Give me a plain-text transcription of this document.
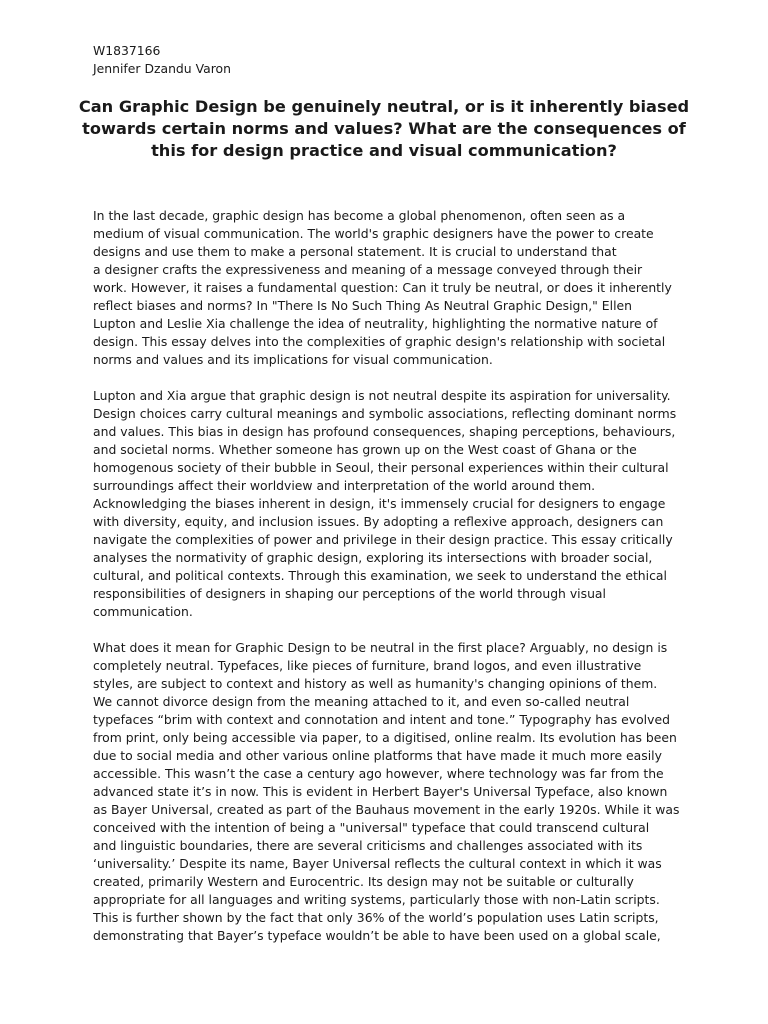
W1837166
Jennifer Dzandu Varon
Can Graphic Design be genuinely neutral, or is it inherently biased
towards certain norms and values? What are the consequences of
this for design practice and visual communication?
In the last decade, graphic design has become a global phenomenon, often seen as a
medium of visual communication. The world's graphic designers have the power to create
designs and use them to make a personal statement. It is crucial to understand that
a designer crafts the expressiveness and meaning of a message conveyed through their
work. However, it raises a fundamental question: Can it truly be neutral, or does it inherently
reflect biases and norms? In "There Is No Such Thing As Neutral Graphic Design," Ellen
Lupton and Leslie Xia challenge the idea of neutrality, highlighting the normative nature of
design. This essay delves into the complexities of graphic design's relationship with societal
norms and values and its implications for visual communication.
Lupton and Xia argue that graphic design is not neutral despite its aspiration for universality.
Design choices carry cultural meanings and symbolic associations, reflecting dominant norms
and values. This bias in design has profound consequences, shaping perceptions, behaviours,
and societal norms. Whether someone has grown up on the West coast of Ghana or the
homogenous society of their bubble in Seoul, their personal experiences within their cultural
surroundings affect their worldview and interpretation of the world around them.
Acknowledging the biases inherent in design, it's immensely crucial for designers to engage
with diversity, equity, and inclusion issues. By adopting a reflexive approach, designers can
navigate the complexities of power and privilege in their design practice. This essay critically
analyses the normativity of graphic design, exploring its intersections with broader social,
cultural, and political contexts. Through this examination, we seek to understand the ethical
responsibilities of designers in shaping our perceptions of the world through visual
communication.
What does it mean for Graphic Design to be neutral in the first place? Arguably, no design is
completely neutral. Typefaces, like pieces of furniture, brand logos, and even illustrative
styles, are subject to context and history as well as humanity's changing opinions of them.
We cannot divorce design from the meaning attached to it, and even so-called neutral
typefaces “brim with context and connotation and intent and tone.” Typography has evolved
from print, only being accessible via paper, to a digitised, online realm. Its evolution has been
due to social media and other various online platforms that have made it much more easily
accessible. This wasn’t the case a century ago however, where technology was far from the
advanced state it’s in now. This is evident in Herbert Bayer's Universal Typeface, also known
as Bayer Universal, created as part of the Bauhaus movement in the early 1920s. While it was
conceived with the intention of being a "universal" typeface that could transcend cultural
and linguistic boundaries, there are several criticisms and challenges associated with its
‘universality.’ Despite its name, Bayer Universal reflects the cultural context in which it was
created, primarily Western and Eurocentric. Its design may not be suitable or culturally
appropriate for all languages and writing systems, particularly those with non-Latin scripts.
This is further shown by the fact that only 36% of the world’s population uses Latin scripts,
demonstrating that Bayer’s typeface wouldn’t be able to have been used on a global scale,
